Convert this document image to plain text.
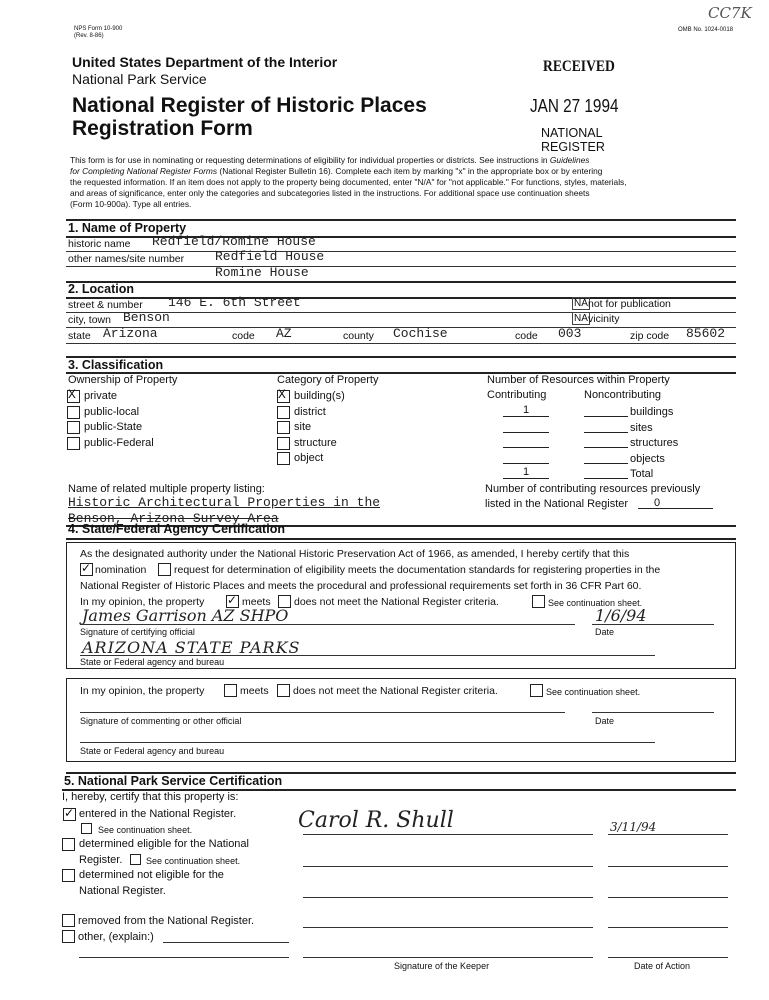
NPS Form 10-900
(Rev. 8-86)
OMB No. 1024-0018
CC7K
United States Department of the Interior
National Park Service
National Register of Historic Places
Registration Form
RECEIVED
JAN 27 1994
NATIONAL
REGISTER
This form is for use in nominating or requesting determinations of eligibility for individual properties or districts. See instructions in Guidelines
for Completing National Register Forms (National Register Bulletin 16). Complete each item by marking "x" in the appropriate box or by entering
the requested information. If an item does not apply to the property being documented, enter "N/A" for "not applicable." For functions, styles, materials,
and areas of significance, enter only the categories and subcategories listed in the instructions. For additional space use continuation sheets
(Form 10-900a). Type all entries.
1. Name of Property
historic name Redfield/Romine House
other names/site number Redfield House
Romine House
2. Location
street & number 146 E. 6th Street	NA not for publication
city, town Benson	NA vicinity
state Arizona	code AZ	county Cochise	code 003	zip code 85602
3. Classification
Ownership of Property
X private
public-local
public-State
public-Federal
Category of Property
X building(s)
district
site
structure
object
Number of Resources within Property
Contributing	Noncontributing
1	buildings
sites
structures
objects
1	Total
Name of related multiple property listing:
Historic Architectural Properties in the
Benson, Arizona Survey Area
Number of contributing resources previously
listed in the National Register	0
4. State/Federal Agency Certification
As the designated authority under the National Historic Preservation Act of 1966, as amended, I hereby certify that this
✓ nomination	request for determination of eligibility meets the documentation standards for registering properties in the
National Register of Historic Places and meets the procedural and professional requirements set forth in 36 CFR Part 60.
In my opinion, the property ✓ meets does not meet the National Register criteria.	See continuation sheet.
James Garrison AZ SHPO	1/6/94
Signature of certifying official	Date
ARIZONA STATE PARKS
State or Federal agency and bureau
In my opinion, the property	meets does not meet the National Register criteria.	See continuation sheet.
Signature of commenting or other official	Date
State or Federal agency and bureau
5. National Park Service Certification
I, hereby, certify that this property is:
✓ entered in the National Register.
See continuation sheet.
determined eligible for the National
Register.	See continuation sheet.
determined not eligible for the
National Register.
removed from the National Register.
other, (explain:)
Carol R. Shull	3/11/94
Signature of the Keeper	Date of Action
